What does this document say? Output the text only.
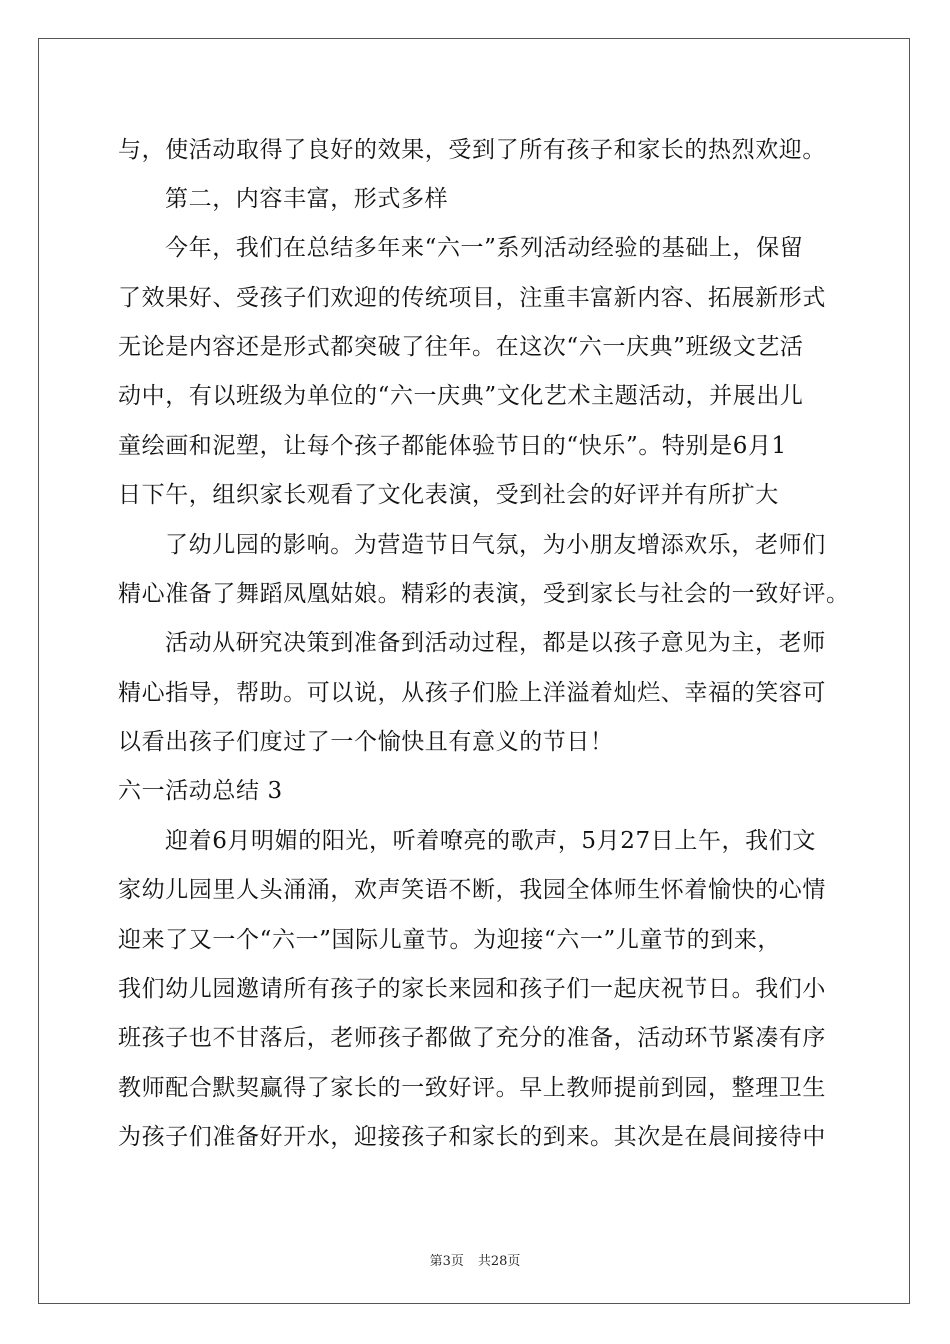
与，使活动取得了良好的效果，受到了所有孩子和家长的热烈欢迎。

第二，内容丰富，形式多样

今年，我们在总结多年来“六一”系列活动经验的基础上，保留

了效果好、受孩子们欢迎的传统项目，注重丰富新内容、拓展新形式

无论是内容还是形式都突破了往年。在这次“六一庆典”班级文艺活

动中，有以班级为单位的“六一庆典”文化艺术主题活动，并展出儿

童绘画和泥塑，让每个孩子都能体验节日的“快乐”。特别是6月1

日下午，组织家长观看了文化表演，受到社会的好评并有所扩大

了幼儿园的影响。为营造节日气氛，为小朋友增添欢乐，老师们

精心准备了舞蹈凤凰姑娘。精彩的表演，受到家长与社会的一致好评。

活动从研究决策到准备到活动过程，都是以孩子意见为主，老师

精心指导，帮助。可以说，从孩子们脸上洋溢着灿烂、幸福的笑容可

以看出孩子们度过了一个愉快且有意义的节日！

六一活动总结 3

迎着6月明媚的阳光，听着嘹亮的歌声，5月27日上午，我们文

家幼儿园里人头涌涌，欢声笑语不断，我园全体师生怀着愉快的心情

迎来了又一个“六一”国际儿童节。为迎接“六一”儿童节的到来，

我们幼儿园邀请所有孩子的家长来园和孩子们一起庆祝节日。我们小

班孩子也不甘落后，老师孩子都做了充分的准备，活动环节紧凑有序

教师配合默契赢得了家长的一致好评。早上教师提前到园，整理卫生

为孩子们准备好开水，迎接孩子和家长的到来。其次是在晨间接待中

第3页 共28页
